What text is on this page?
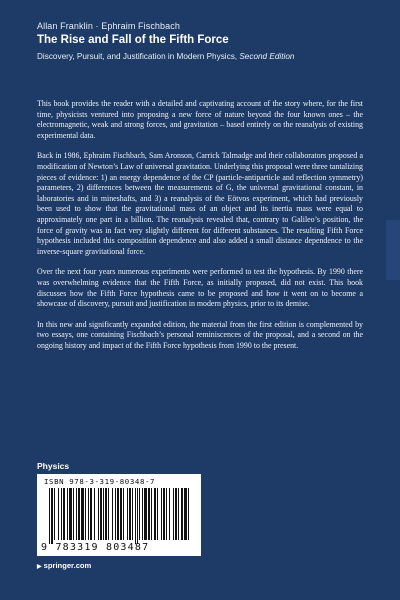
Allan Franklin · Ephraim Fischbach
The Rise and Fall of the Fifth Force
Discovery, Pursuit, and Justification in Modern Physics, Second Edition

This book provides the reader with a detailed and captivating account of the story where, for the first time, physicists ventured into proposing a new force of nature beyond the four known ones – the electromagnetic, weak and strong forces, and gravitation – based entirely on the reanalysis of existing experimental data.

Back in 1986, Ephraim Fischbach, Sam Aronson, Carrick Talmadge and their collaborators proposed a modification of Newton’s Law of universal gravitation. Underlying this proposal were three tantalizing pieces of evidence: 1) an energy dependence of the CP (particle-antiparticle and reflection symmetry) parameters, 2) differences between the measurements of G, the universal gravitational constant, in laboratories and in mineshafts, and 3) a reanalysis of the Eötvos experiment, which had previously been used to show that the gravitational mass of an object and its inertia mass were equal to approximately one part in a billion. The reanalysis revealed that, contrary to Galileo’s position, the force of gravity was in fact very slightly different for different substances. The resulting Fifth Force hypothesis included this composition dependence and also added a small distance dependence to the inverse-square gravitational force.

Over the next four years numerous experiments were performed to test the hypothesis. By 1990 there was overwhelming evidence that the Fifth Force, as initially proposed, did not exist. This book discusses how the Fifth Force hypothesis came to be proposed and how it went on to become a showcase of discovery, pursuit and justification in modern physics, prior to its demise.

In this new and significantly expanded edition, the material from the first edition is complemented by two essays, one containing Fischbach’s personal reminiscences of the proposal, and a second on the ongoing history and impact of the Fifth Force hypothesis from 1990 to the present.

Physics
ISBN 978-3-319-80348-7
9 783319 803487
▶ springer.com
